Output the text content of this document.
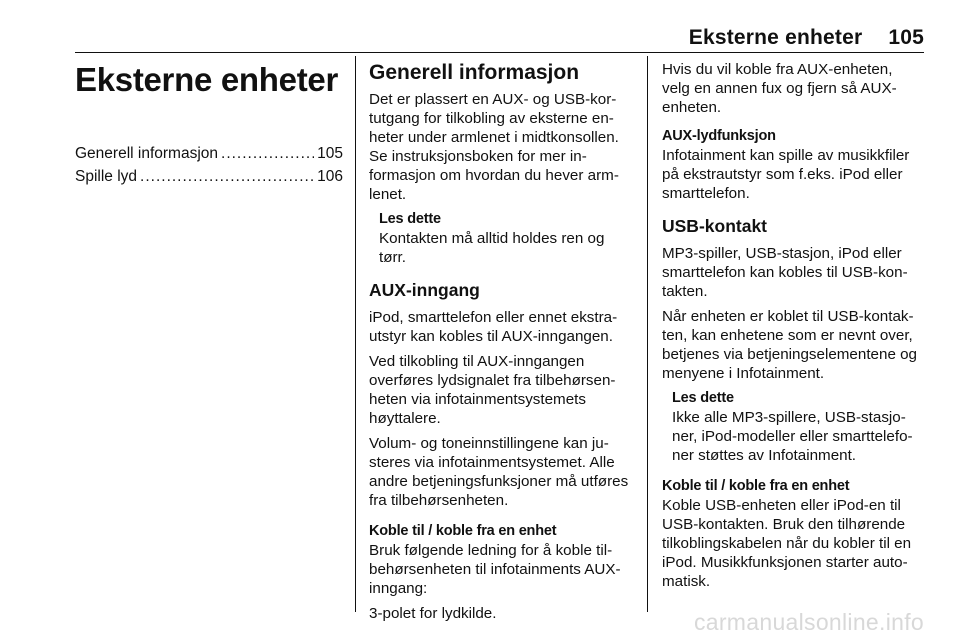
Eksterne enheter 105
Eksterne enheter
Generell informasjon .....	105
Spille lyd .....	106
Generell informasjon

Det er plassert en AUX- og USB-kortutgang for tilkobling av eksterne enheter under armlenet i midtkonsollen. Se instruksjonsboken for mer informasjon om hvordan du hever armlenet.

Les dette

Kontakten må alltid holdes ren og tørr.

AUX-inngang

iPod, smarttelefon eller ennet ekstrautstyr kan kobles til AUX-inngangen.

Ved tilkobling til AUX-inngangen overføres lydsignalet fra tilbehørsenheten via infotainmentsystemets høyttalere.

Volum- og toneinnstillingene kan justeres via infotainmentsystemet. Alle andre betjeningsfunksjoner må utføres fra tilbehørsenheten.

Koble til / koble fra en enhet

Bruk følgende ledning for å koble tilbehørsenheten til infotainments AUX-inngang:

3-polet for lydkilde.

Hvis du vil koble fra AUX-enheten, velg en annen fux og fjern så AUX-enheten.

AUX-lydfunksjon

Infotainment kan spille av musikkfiler på ekstrautstyr som f.eks. iPod eller smarttelefon.

USB-kontakt

MP3-spiller, USB-stasjon, iPod eller smarttelefon kan kobles til USB-kontakten.

Når enheten er koblet til USB-kontakten, kan enhetene som er nevnt over, betjenes via betjeningselementene og menyene i Infotainment.

Les dette

Ikke alle MP3-spillere, USB-stasjoner, iPod-modeller eller smarttelefoner støttes av Infotainment.

Koble til / koble fra en enhet

Koble USB-enheten eller iPod-en til USB-kontakten. Bruk den tilhørende tilkoblingskabelen når du kobler til en iPod. Musikkfunksjonen starter automatisk.

carmanualsonline.info
